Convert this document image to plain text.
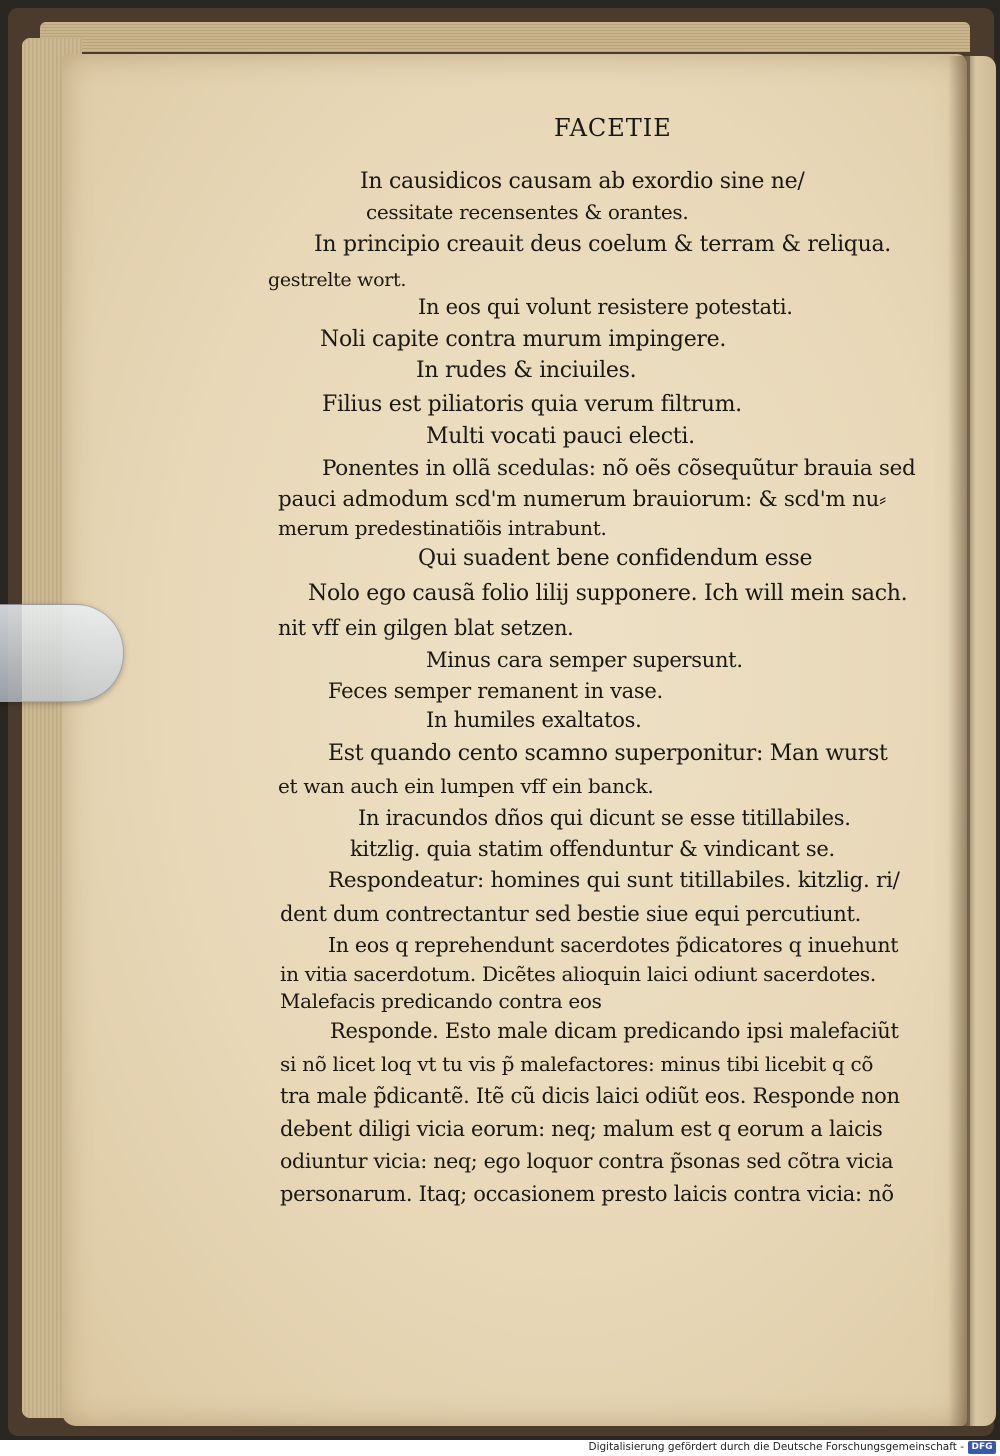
FACETIE
In causidicos causam ab exordio sine ne/
cessitate recensentes & orantes.
In principio creauit deus coelum & terram & reliqua.
gestrelte wort.
In eos qui volunt resistere potestati.
Noli capite contra murum impingere.
In rudes & inciuiles.
Filius est piliatoris quia verum filtrum.
Multi vocati pauci electi.
Ponentes in ollã scedulas: nõ oẽs cõsequũtur brauia sed
pauci admodum scd'm numerum brauiorum: & scd'm nu⸗
merum predestinatiõis intrabunt.
Qui suadent bene confidendum esse
Nolo ego causã folio lilij supponere. Ich will mein sach.
nit vff ein gilgen blat setzen.
Minus cara semper supersunt.
Feces semper remanent in vase.
In humiles exaltatos.
Est quando cento scamno superponitur: Man wurst
et wan auch ein lumpen vff ein banck.
In iracundos dños qui dicunt se esse titillabiles.
kitzlig. quia statim offenduntur & vindicant se.
Respondeatur: homines qui sunt titillabiles. kitzlig. ri/
dent dum contrectantur sed bestie siue equi percutiunt.
In eos q reprehendunt sacerdotes p̃dicatores q inuehunt
in vitia sacerdotum. Dicẽtes alioquin laici odiunt sacerdotes.
Malefacis predicando contra eos
Responde. Esto male dicam predicando ipsi malefaciũt
si nõ licet loq vt tu vis p̃ malefactores: minus tibi licebit q cõ
tra male p̃dicantẽ. Itẽ cũ dicis laici odiũt eos. Responde non
debent diligi vicia eorum: neq; malum est q eorum a laicis
odiuntur vicia: neq; ego loquor contra p̃sonas sed cõtra vicia
personarum. Itaq; occasionem presto laicis contra vicia: nõ
Digitalisierung gefördert durch die Deutsche Forschungsgemeinschaft - DFG
